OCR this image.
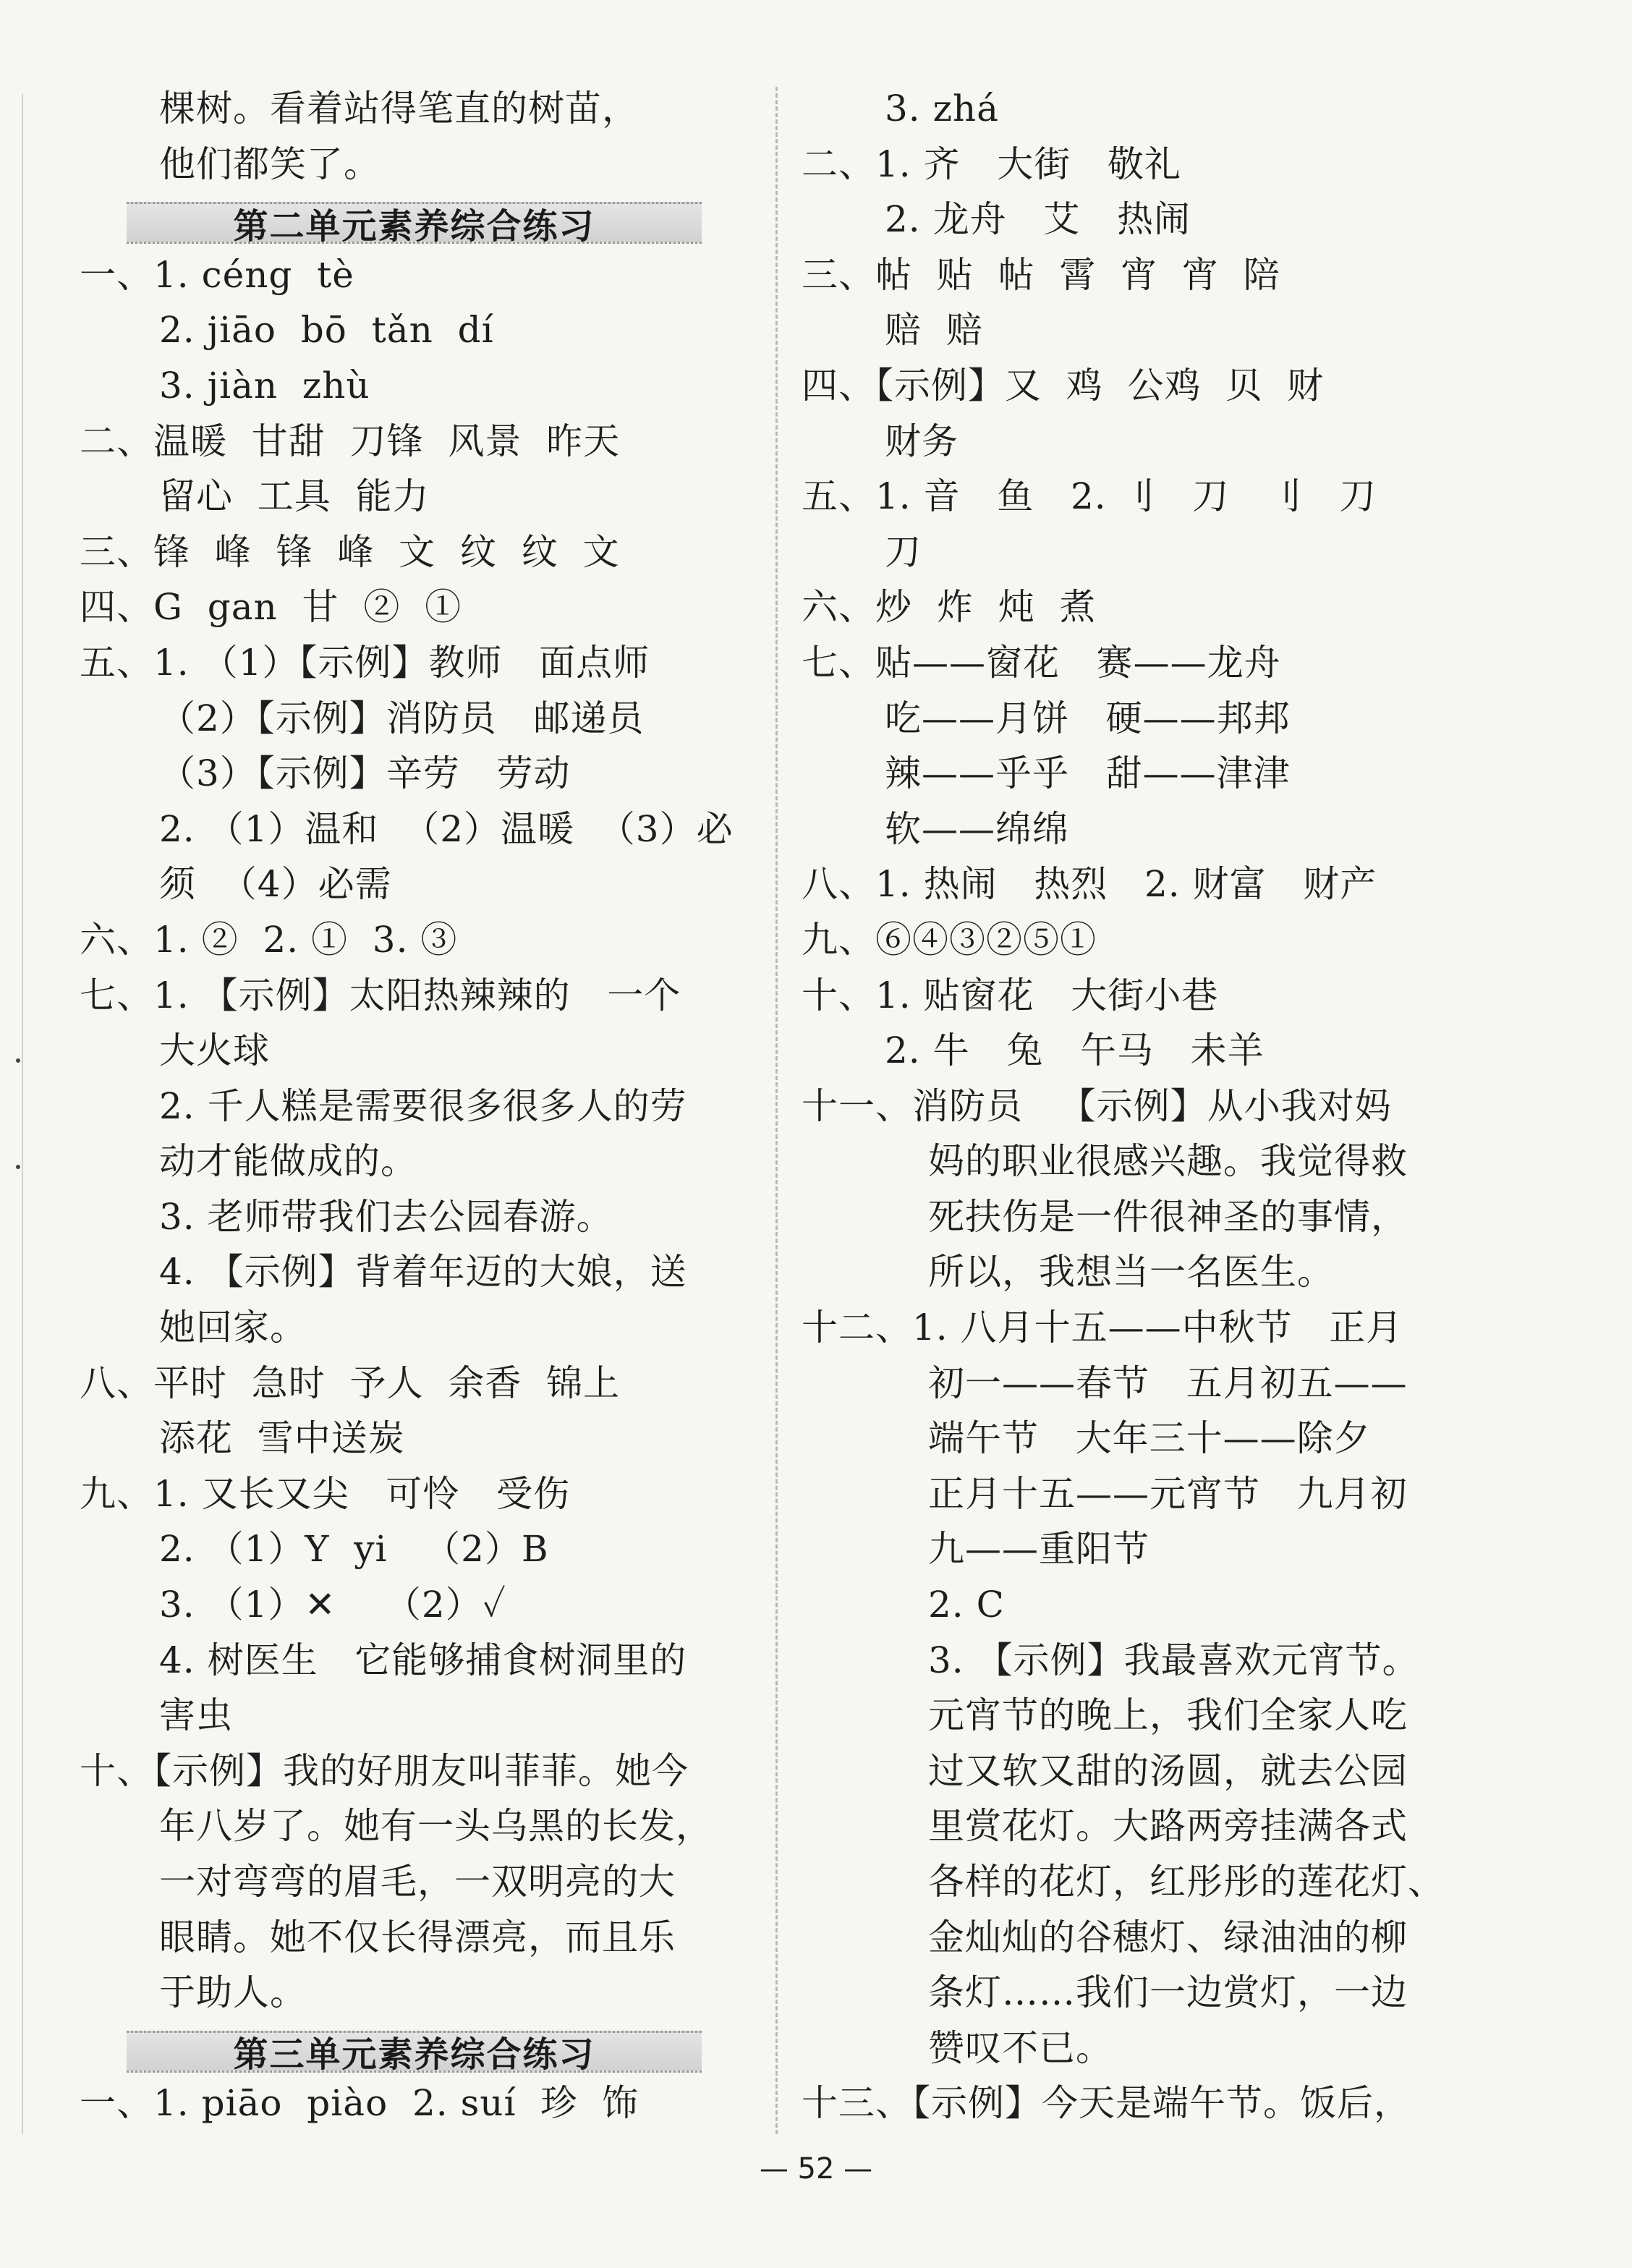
棵树。看着站得笔直的树苗，
他们都笑了。
第二单元素养综合练习
一、1. céng  tè
2. jiāo  bō  tǎn  dí
3. jiàn  zhù
二、温暖  甘甜  刀锋  风景  昨天
留心  工具  能力
三、锋  峰  锋  峰  文  纹  纹  文
四、G  gan  甘  ②  ①
五、1. （1）【示例】教师   面点师
（2）【示例】消防员   邮递员
（3）【示例】辛劳   劳动
2. （1）温和  （2）温暖  （3）必
须  （4）必需
六、1. ②  2. ①  3. ③
七、1. 【示例】太阳热辣辣的   一个
大火球
2. 千人糕是需要很多很多人的劳
动才能做成的。
3. 老师带我们去公园春游。
4. 【示例】背着年迈的大娘，送
她回家。
八、平时  急时  予人  余香  锦上
添花  雪中送炭
九、1. 又长又尖   可怜   受伤
2. （1）Y  yi   （2）B
3. （1）✕    （2）✓
4. 树医生   它能够捕食树洞里的
害虫
十、【示例】我的好朋友叫菲菲。她今
年八岁了。她有一头乌黑的长发，
一对弯弯的眉毛，一双明亮的大
眼睛。她不仅长得漂亮，而且乐
于助人。
第三单元素养综合练习
一、1. piāo  piào  2. suí  珍  饰
3. zhá
二、1. 齐   大街   敬礼
2. 龙舟   艾   热闹
三、帖  贴  帖  霄  宵  宵  陪
赔  赔
四、【示例】又  鸡  公鸡  贝  财
财务
五、1. 音   鱼   2. 刂   刀   刂   刀
刀
六、炒  炸  炖  煮
七、贴——窗花   赛——龙舟
吃——月饼   硬——邦邦
辣——乎乎   甜——津津
软——绵绵
八、1. 热闹   热烈   2. 财富   财产
九、⑥④③②⑤①
十、1. 贴窗花   大街小巷
2. 牛   兔   午马   未羊
十一、消防员   【示例】从小我对妈
妈的职业很感兴趣。我觉得救
死扶伤是一件很神圣的事情，
所以，我想当一名医生。
十二、1. 八月十五——中秋节   正月
初一——春节   五月初五——
端午节   大年三十——除夕
正月十五——元宵节   九月初
九——重阳节
2. C
3. 【示例】我最喜欢元宵节。
元宵节的晚上，我们全家人吃
过又软又甜的汤圆，就去公园
里赏花灯。大路两旁挂满各式
各样的花灯，红彤彤的莲花灯、
金灿灿的谷穗灯、绿油油的柳
条灯……我们一边赏灯，一边
赞叹不已。
十三、【示例】今天是端午节。饭后，
— 52 —
